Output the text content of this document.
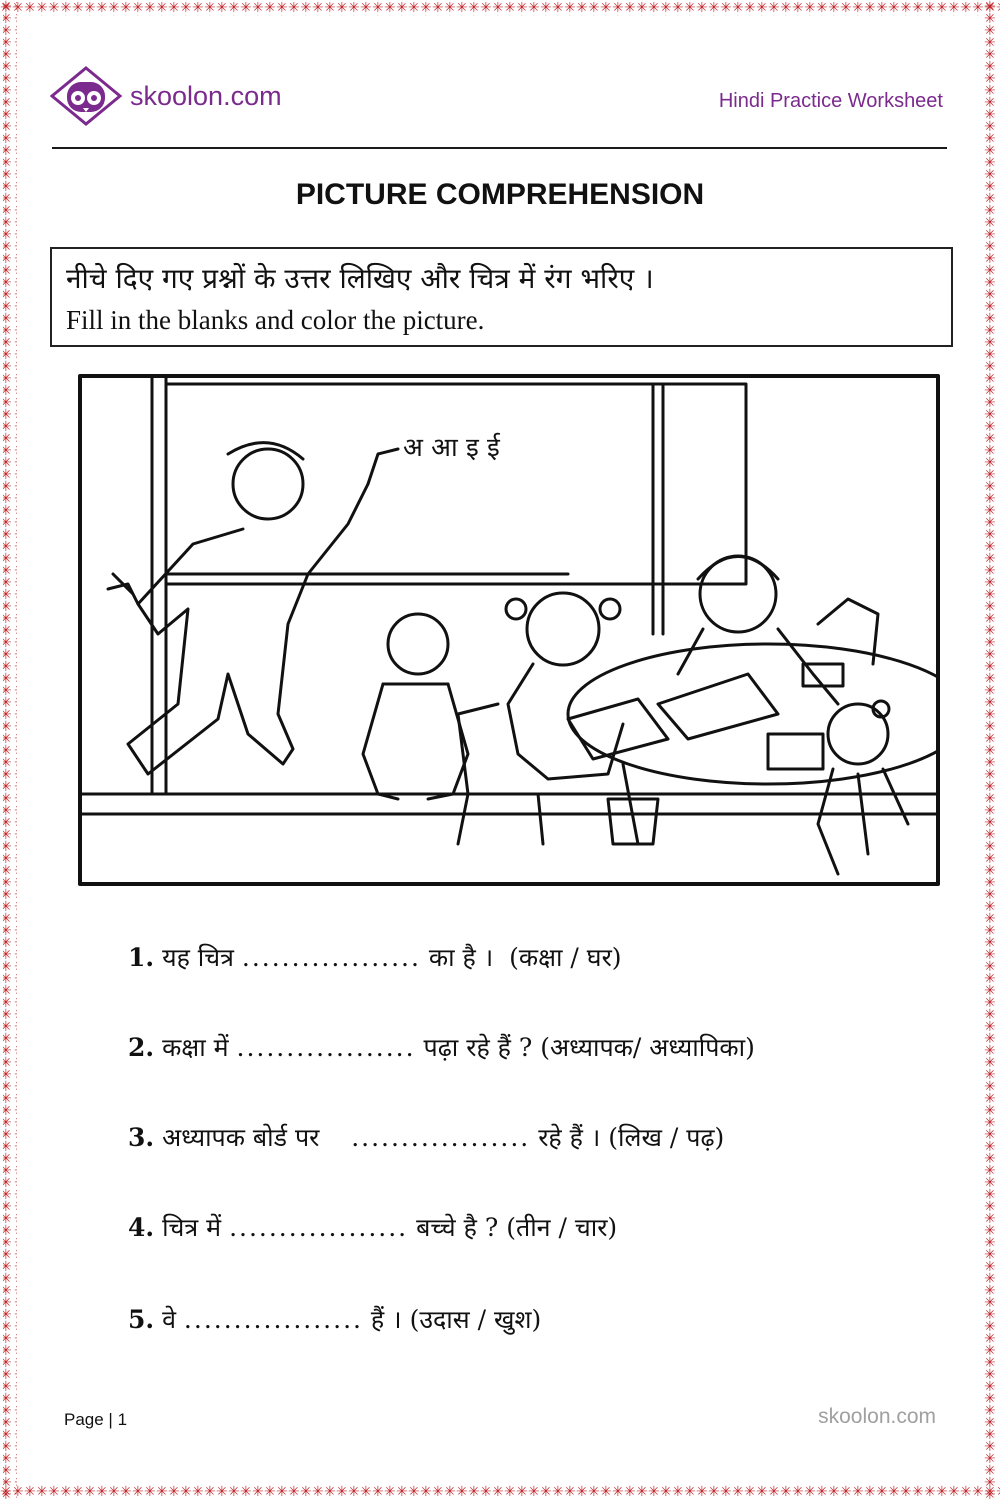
skoolon.com	Hindi Practice Worksheet
PICTURE COMPREHENSION
नीचे दिए गए प्रश्नों के उत्तर लिखिए और चित्र में रंग भरिए ।
Fill in the blanks and color the picture.
अ आ इ ई
1. यह चित्र .................. का है । (कक्षा / घर)
2. कक्षा में .................. पढ़ा रहे हैं ? (अध्यापक/ अध्यापिका)
3. अध्यापक बोर्ड पर .................. रहे हैं । (लिख / पढ़)
4. चित्र में .................. बच्चे है ? (तीन / चार)
5. वे .................. हैं । (उदास / खुश)
Page | 1	skoolon.com
